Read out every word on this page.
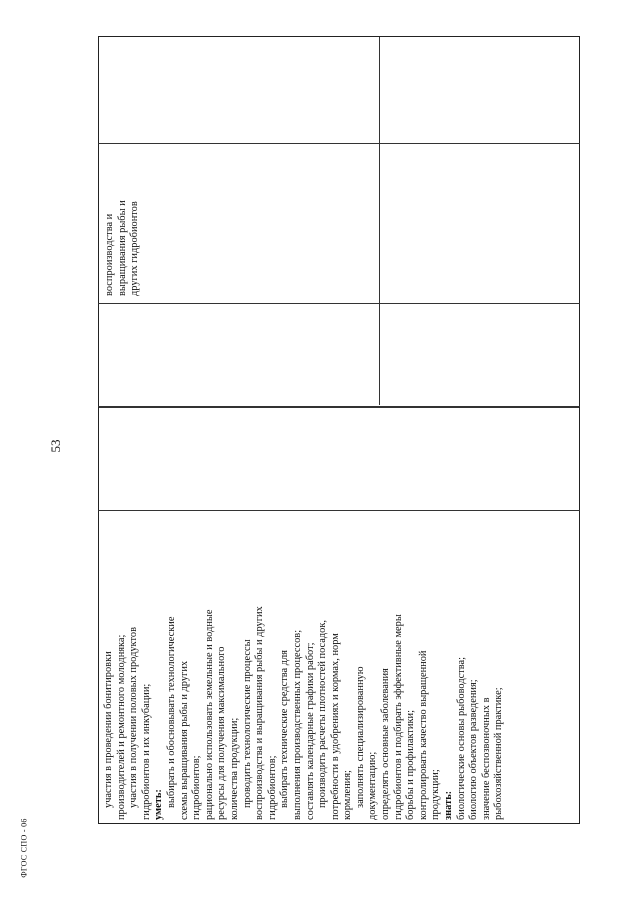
53
ФГОС СПО - 06
участия в проведении бонитировки производителей и ремонтного молодняка; участия в получении половых продуктов гидробионтов и их инкубации; уметь: выбирать и обосновывать технологические схемы выращивания рыбы и других гидробионтов; рационально использовать земельные и водные ресурсы для получения максимального количества продукции; проводить технологические процессы воспроизводства и выращивания рыбы и других гидробионтов; выбирать технические средства для выполнения производственных процессов; составлять календарные графики работ; производить расчеты плотностей посадок, потребности в удобрениях и кормах, норм кормления; заполнять специализированную документацию; определять основные заболевания гидробионтов и подбирать эффективные меры борьбы и профилактики; контролировать качество выращенной продукции; знать: биологические основы рыбоводства; биологию объектов разведения; значение беспозвоночных в рыбохозяйственной практике;
воспроизводства и выращивания рыбы и других гидробионтов
